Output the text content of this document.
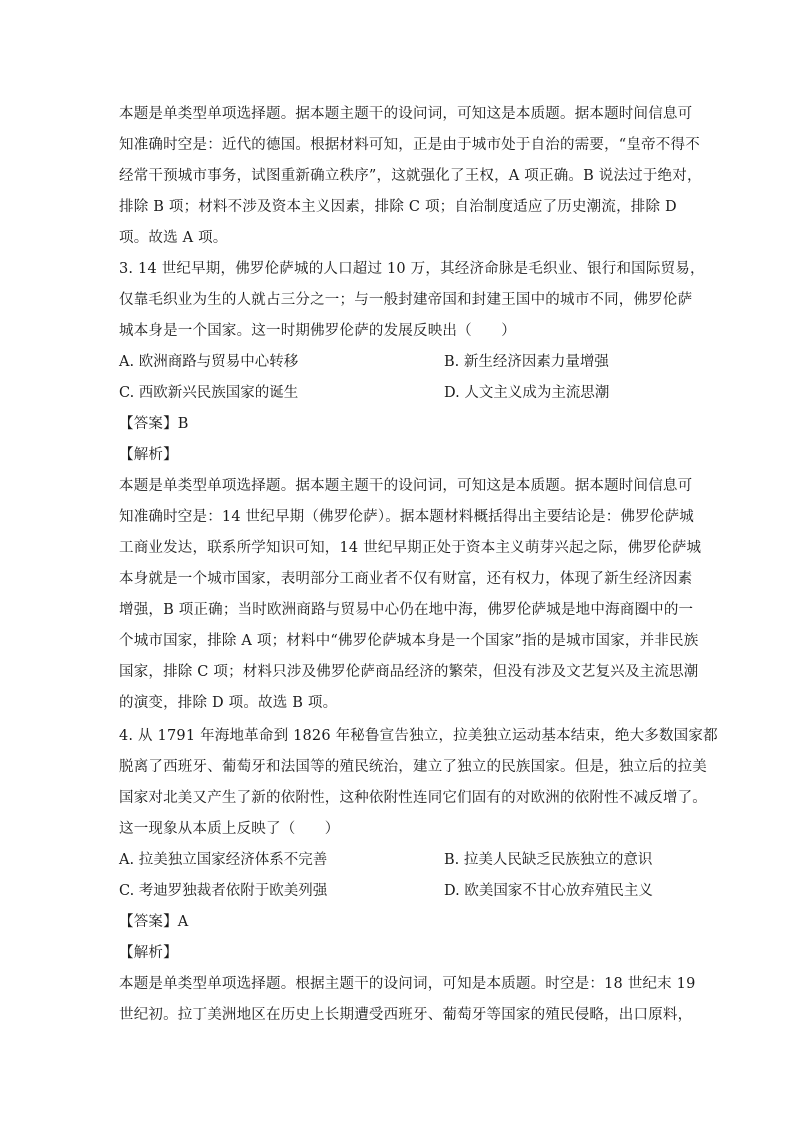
本题是单类型单项选择题。据本题主题干的设问词，可知这是本质题。据本题时间信息可
知准确时空是：近代的德国。根据材料可知，正是由于城市处于自治的需要，“皇帝不得不
经常干预城市事务，试图重新确立秩序”，这就强化了王权，A 项正确。B 说法过于绝对，
排除 B 项；材料不涉及资本主义因素，排除 C 项；自治制度适应了历史潮流，排除 D
项。故选 A 项。
3. 14 世纪早期，佛罗伦萨城的人口超过 10 万，其经济命脉是毛织业、银行和国际贸易，
仅靠毛织业为生的人就占三分之一；与一般封建帝国和封建王国中的城市不同，佛罗伦萨
城本身是一个国家。这一时期佛罗伦萨的发展反映出（　　）
A. 欧洲商路与贸易中心转移	B. 新生经济因素力量增强
C. 西欧新兴民族国家的诞生	D. 人文主义成为主流思潮
【答案】B
【解析】
本题是单类型单项选择题。据本题主题干的设问词，可知这是本质题。据本题时间信息可
知准确时空是：14 世纪早期（佛罗伦萨）。据本题材料概括得出主要结论是：佛罗伦萨城
工商业发达，联系所学知识可知，14 世纪早期正处于资本主义萌芽兴起之际，佛罗伦萨城
本身就是一个城市国家，表明部分工商业者不仅有财富，还有权力，体现了新生经济因素
增强，B 项正确；当时欧洲商路与贸易中心仍在地中海，佛罗伦萨城是地中海商圈中的一
个城市国家，排除 A 项；材料中“佛罗伦萨城本身是一个国家”指的是城市国家，并非民族
国家，排除 C 项；材料只涉及佛罗伦萨商品经济的繁荣，但没有涉及文艺复兴及主流思潮
的演变，排除 D 项。故选 B 项。
4. 从 1791 年海地革命到 1826 年秘鲁宣告独立，拉美独立运动基本结束，绝大多数国家都
脱离了西班牙、葡萄牙和法国等的殖民统治，建立了独立的民族国家。但是，独立后的拉美
国家对北美又产生了新的依附性，这种依附性连同它们固有的对欧洲的依附性不减反增了。
这一现象从本质上反映了（　　）
A. 拉美独立国家经济体系不完善	B. 拉美人民缺乏民族独立的意识
C. 考迪罗独裁者依附于欧美列强	D. 欧美国家不甘心放弃殖民主义
【答案】A
【解析】
本题是单类型单项选择题。根据主题干的设问词，可知是本质题。时空是：18 世纪末 19
世纪初。拉丁美洲地区在历史上长期遭受西班牙、葡萄牙等国家的殖民侵略，出口原料，
